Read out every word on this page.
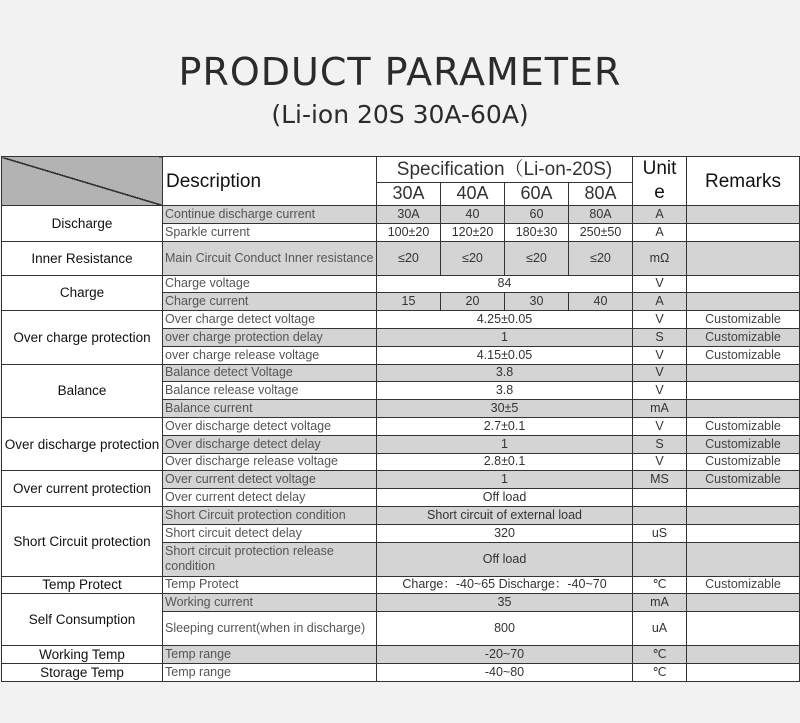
PRODUCT PARAMETER
(Li-ion 20S 30A-60A)
	Description	Specification（Li-on-20S)				Unit
e	Remarks
		30A	40A	60A	80A		
Discharge	Continue discharge current	30A	40	60	80A	A	
	Sparkle current	100±20	120±20	180±30	250±50	A	
Inner Resistance	Main Circuit Conduct Inner resistance	≤20	≤20	≤20	≤20	mΩ	
Charge	Charge voltage	84				V	
	Charge current	15	20	30	40	A	
Over charge protection	Over charge detect voltage	4.25±0.05				V	Customizable
	over charge protection delay	1				S	Customizable
	over charge release voltage	4.15±0.05				V	Customizable
Balance	Balance detect Voltage	3.8				V	
	Balance release voltage	3.8				V	
	Balance current	30±5				mA	
Over discharge protection	Over discharge detect voltage	2.7±0.1				V	Customizable
	Over discharge detect delay	1				S	Customizable
	Over discharge release voltage	2.8±0.1				V	Customizable
Over current protection	Over current detect voltage	1				MS	Customizable
	Over current detect delay	Off load					
Short Circuit protection	Short Circuit protection condition	Short circuit of external load					
	Short circuit detect delay	320				uS	
	Short circuit protection release condition	Off load					
Temp Protect	Temp Protect	Charge：-40~65 Discharge：-40~70				℃	Customizable
Self Consumption	Working current	35				mA	
	Sleeping current(when in discharge)	800				uA	
Working Temp	Temp range	-20~70				℃	
Storage Temp	Temp range	-40~80				℃	
